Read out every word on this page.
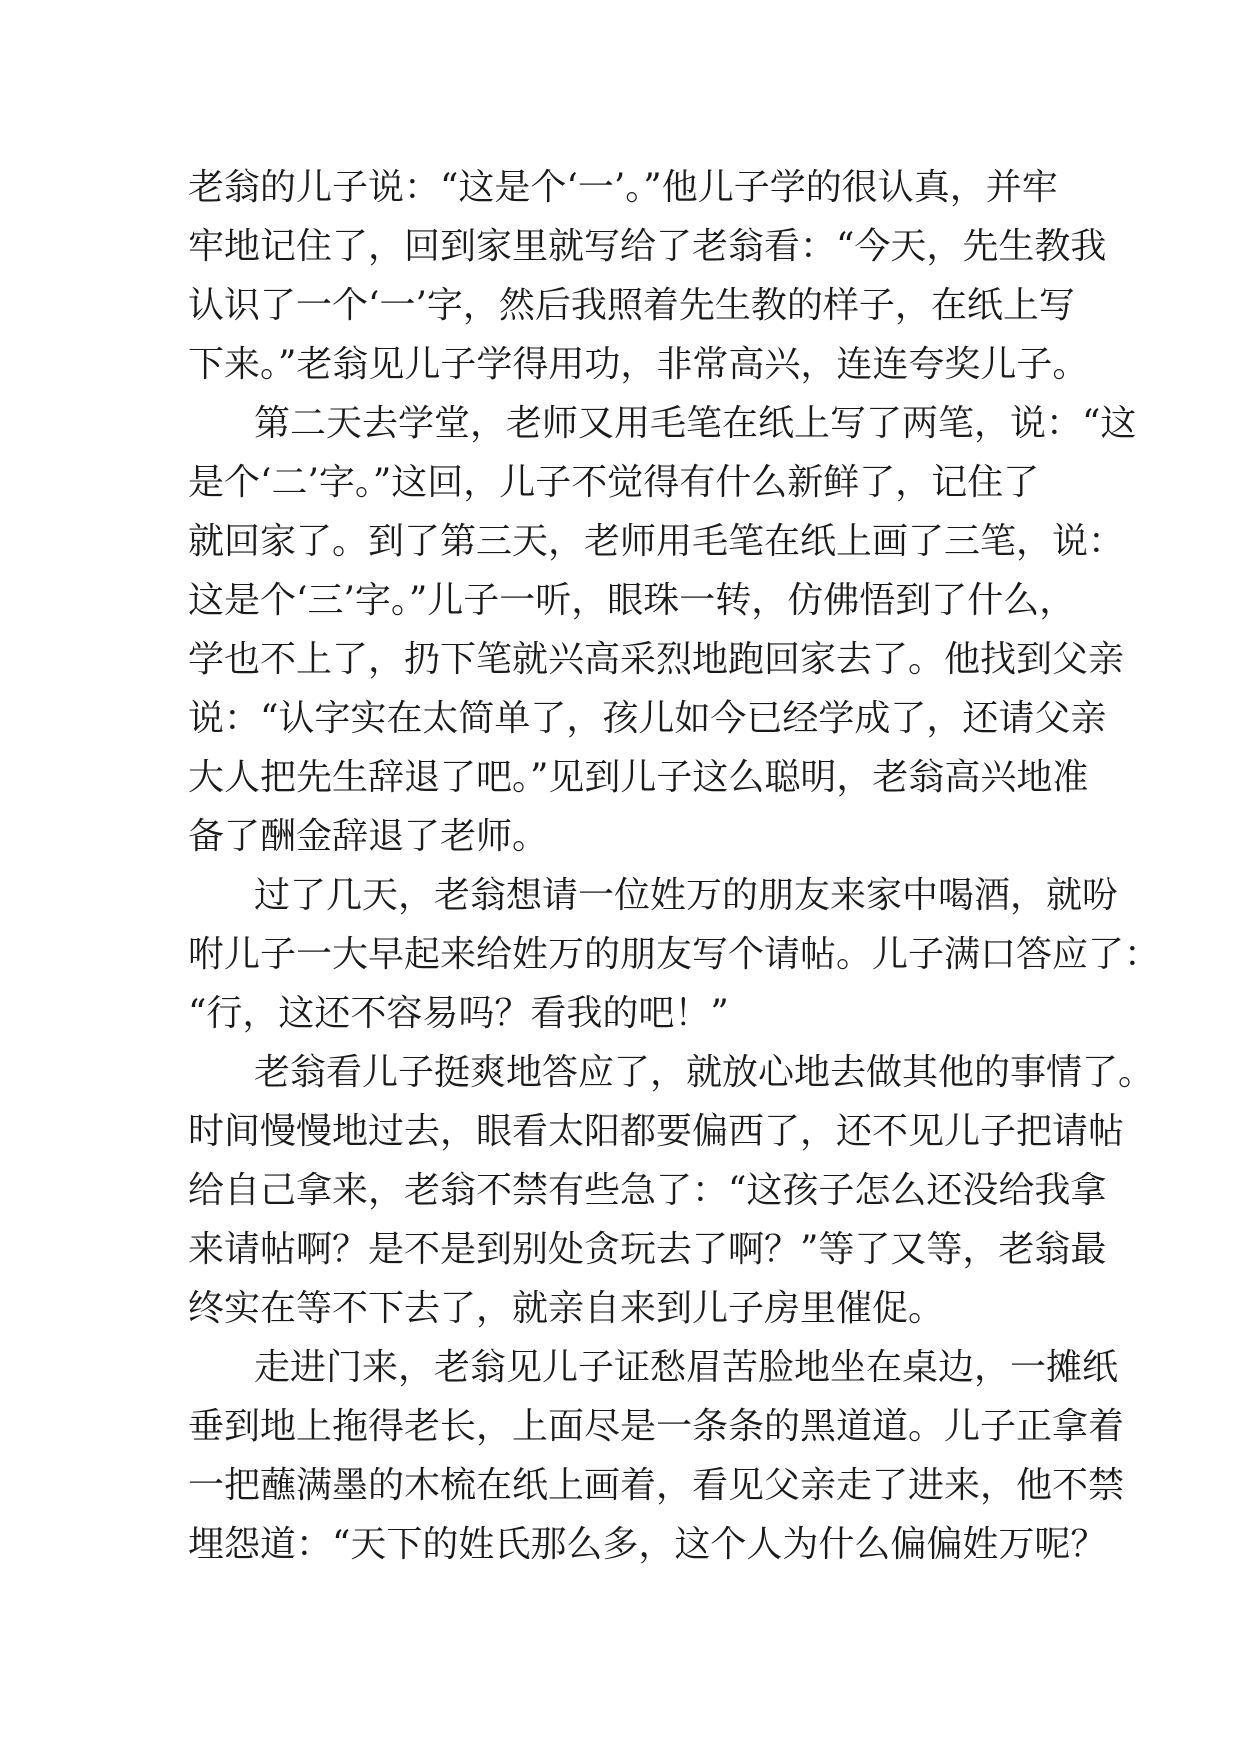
老翁的儿子说：“这是个‘一’。”他儿子学的很认真，并牢
牢地记住了，回到家里就写给了老翁看：“今天，先生教我
认识了一个‘一’字，然后我照着先生教的样子，在纸上写
下来。”老翁见儿子学得用功，非常高兴，连连夸奖儿子。
第二天去学堂，老师又用毛笔在纸上写了两笔，说：“这
是个‘二’字。”这回，儿子不觉得有什么新鲜了，记住了
就回家了。到了第三天，老师用毛笔在纸上画了三笔，说：
这是个‘三’字。”儿子一听，眼珠一转，仿佛悟到了什么，
学也不上了，扔下笔就兴高采烈地跑回家去了。他找到父亲
说：“认字实在太简单了，孩儿如今已经学成了，还请父亲
大人把先生辞退了吧。”见到儿子这么聪明，老翁高兴地准
备了酬金辞退了老师。
过了几天，老翁想请一位姓万的朋友来家中喝酒，就吩
咐儿子一大早起来给姓万的朋友写个请帖。儿子满口答应了：
“行，这还不容易吗？看我的吧！”
老翁看儿子挺爽地答应了，就放心地去做其他的事情了。
时间慢慢地过去，眼看太阳都要偏西了，还不见儿子把请帖
给自己拿来，老翁不禁有些急了：“这孩子怎么还没给我拿
来请帖啊？是不是到别处贪玩去了啊？”等了又等，老翁最
终实在等不下去了，就亲自来到儿子房里催促。
走进门来，老翁见儿子证愁眉苦脸地坐在桌边，一摊纸
垂到地上拖得老长，上面尽是一条条的黑道道。儿子正拿着
一把蘸满墨的木梳在纸上画着，看见父亲走了进来，他不禁
埋怨道：“天下的姓氏那么多，这个人为什么偏偏姓万呢？
